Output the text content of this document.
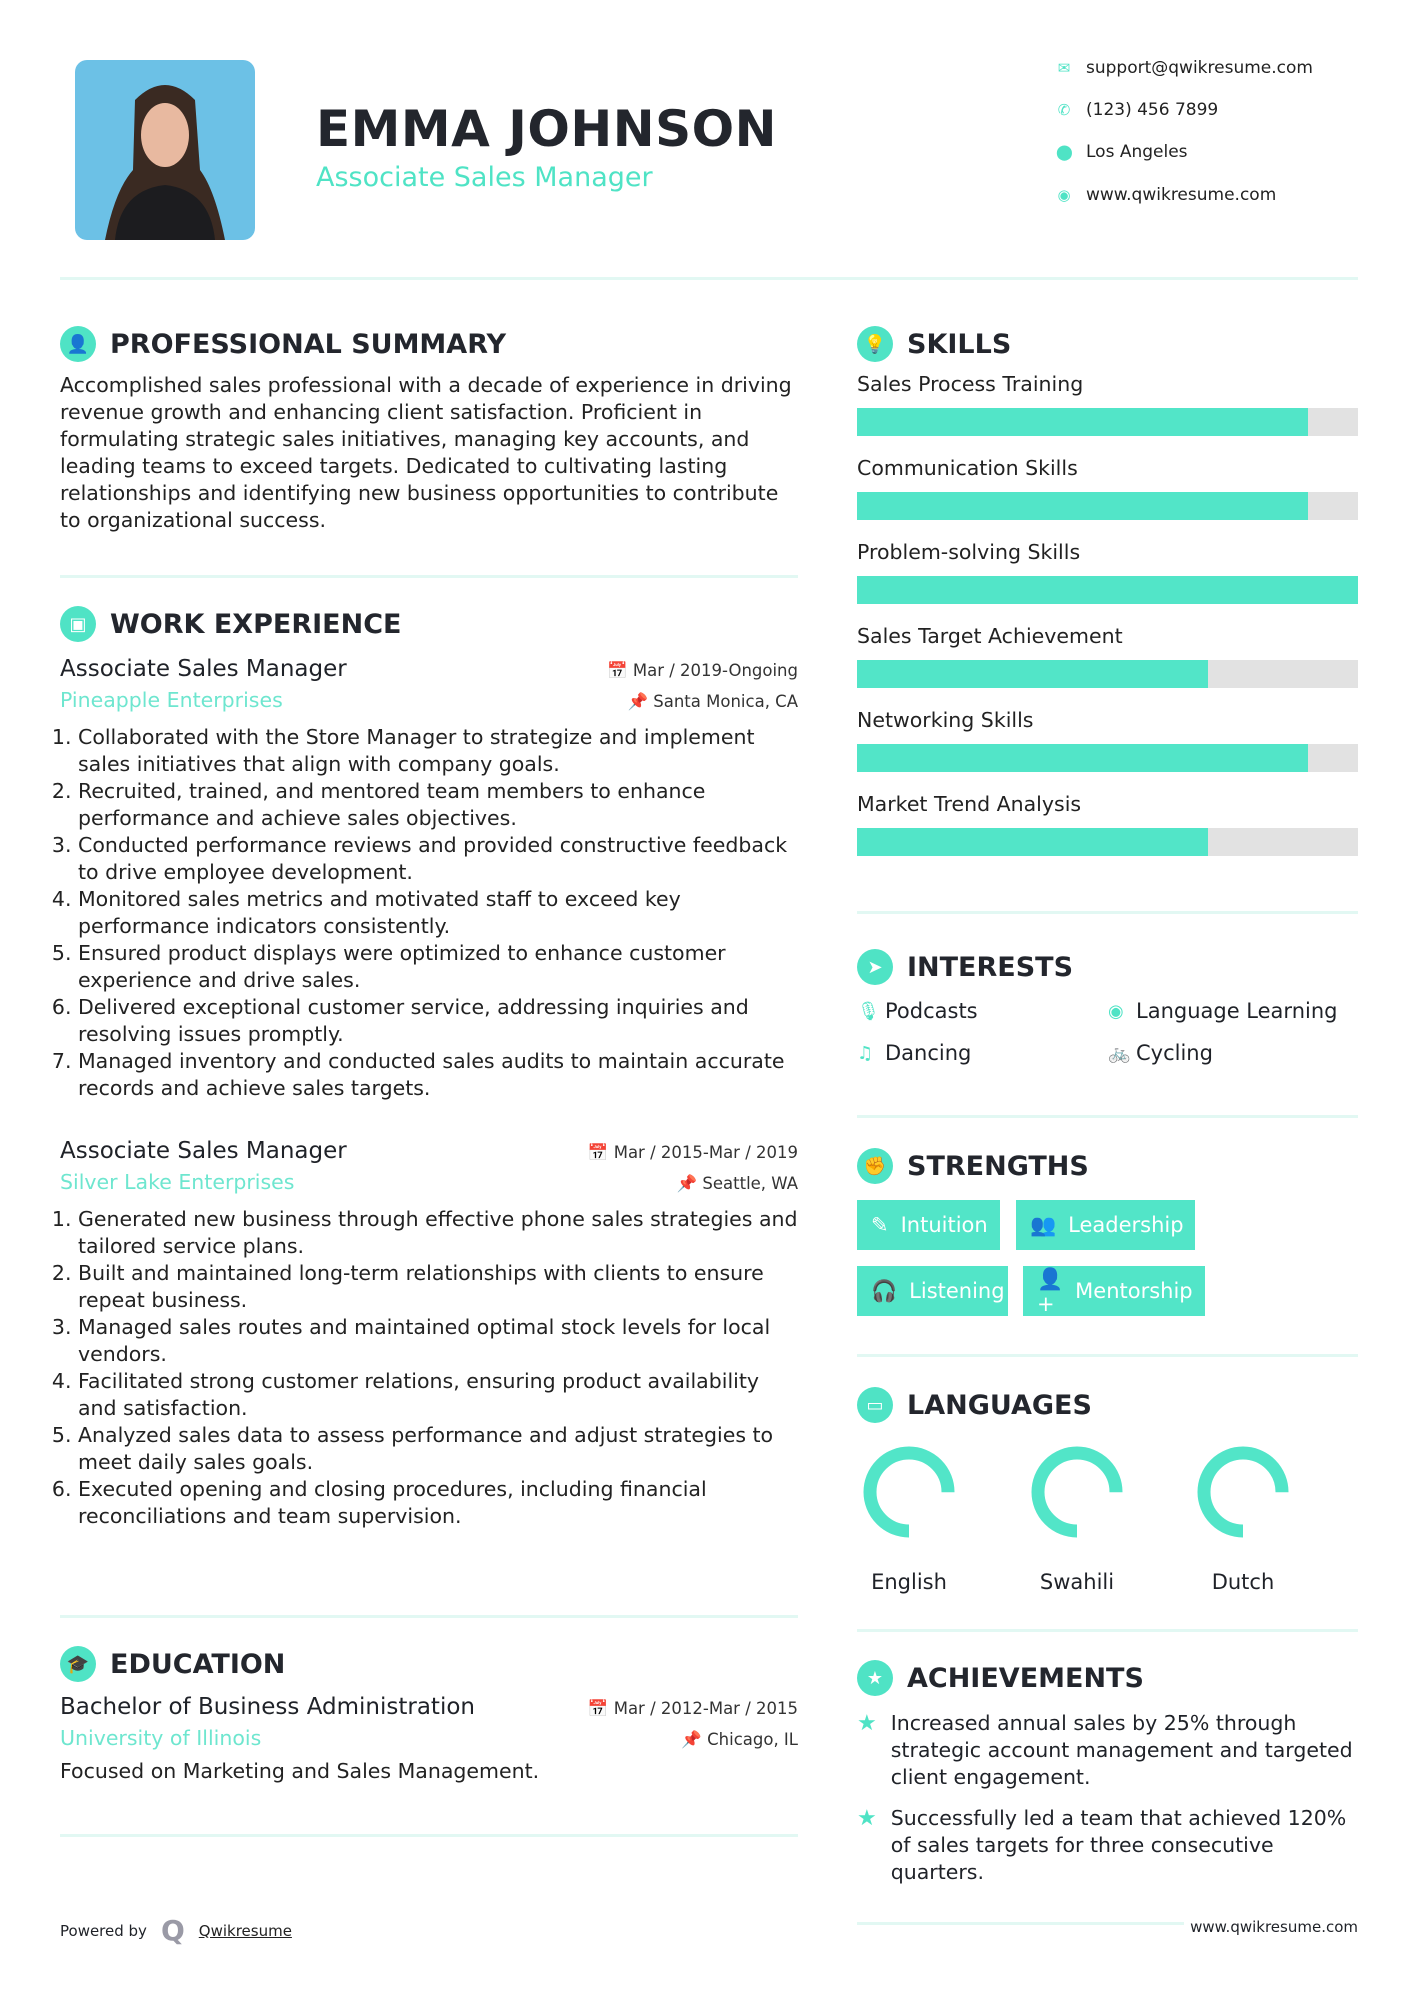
EMMA JOHNSON
Associate Sales Manager
✉ support@qwikresume.com
✆ (123) 456 7899
⬤ Los Angeles
◉ www.qwikresume.com
👤 PROFESSIONAL SUMMARY

Accomplished sales professional with a decade of experience in driving revenue growth and enhancing client satisfaction. Proficient in formulating strategic sales initiatives, managing key accounts, and leading teams to exceed targets. Dedicated to cultivating lasting relationships and identifying new business opportunities to contribute to organizational success.

▣ WORK EXPERIENCE
Associate Sales Manager	📅 Mar / 2019-Ongoing
Pineapple Enterprises	📌 Santa Monica, CA
1. Collaborated with the Store Manager to strategize and implement sales initiatives that align with company goals.
2. Recruited, trained, and mentored team members to enhance performance and achieve sales objectives.
3. Conducted performance reviews and provided constructive feedback to drive employee development.
4. Monitored sales metrics and motivated staff to exceed key performance indicators consistently.
5. Ensured product displays were optimized to enhance customer experience and drive sales.
6. Delivered exceptional customer service, addressing inquiries and resolving issues promptly.
7. Managed inventory and conducted sales audits to maintain accurate records and achieve sales targets.
Associate Sales Manager	📅 Mar / 2015-Mar / 2019
Silver Lake Enterprises	📌 Seattle, WA
1. Generated new business through effective phone sales strategies and tailored service plans.
2. Built and maintained long-term relationships with clients to ensure repeat business.
3. Managed sales routes and maintained optimal stock levels for local vendors.
4. Facilitated strong customer relations, ensuring product availability and satisfaction.
5. Analyzed sales data to assess performance and adjust strategies to meet daily sales goals.
6. Executed opening and closing procedures, including financial reconciliations and team supervision.
🎓 EDUCATION
Bachelor of Business Administration	📅 Mar / 2012-Mar / 2015
University of Illinois	📌 Chicago, IL

Focused on Marketing and Sales Management.

Powered by Q Qwikresume
💡 SKILLS
Sales Process Training
Communication Skills
Problem-solving Skills
Sales Target Achievement
Networking Skills
Market Trend Analysis
➤ INTERESTS
🎙 Podcasts	◉ Language Learning
♫ Dancing	🚲 Cycling
✊ STRENGTHS
✎ Intuition 👥 Leadership
🎧 Listening
👤+
Mentorship
▭ LANGUAGES
English	Swahili	Dutch
★ ACHIEVEMENTS
★ Increased annual sales by 25% through strategic account management and targeted client engagement.
★ Successfully led a team that achieved 120% of sales targets for three consecutive quarters.
www.qwikresume.com
